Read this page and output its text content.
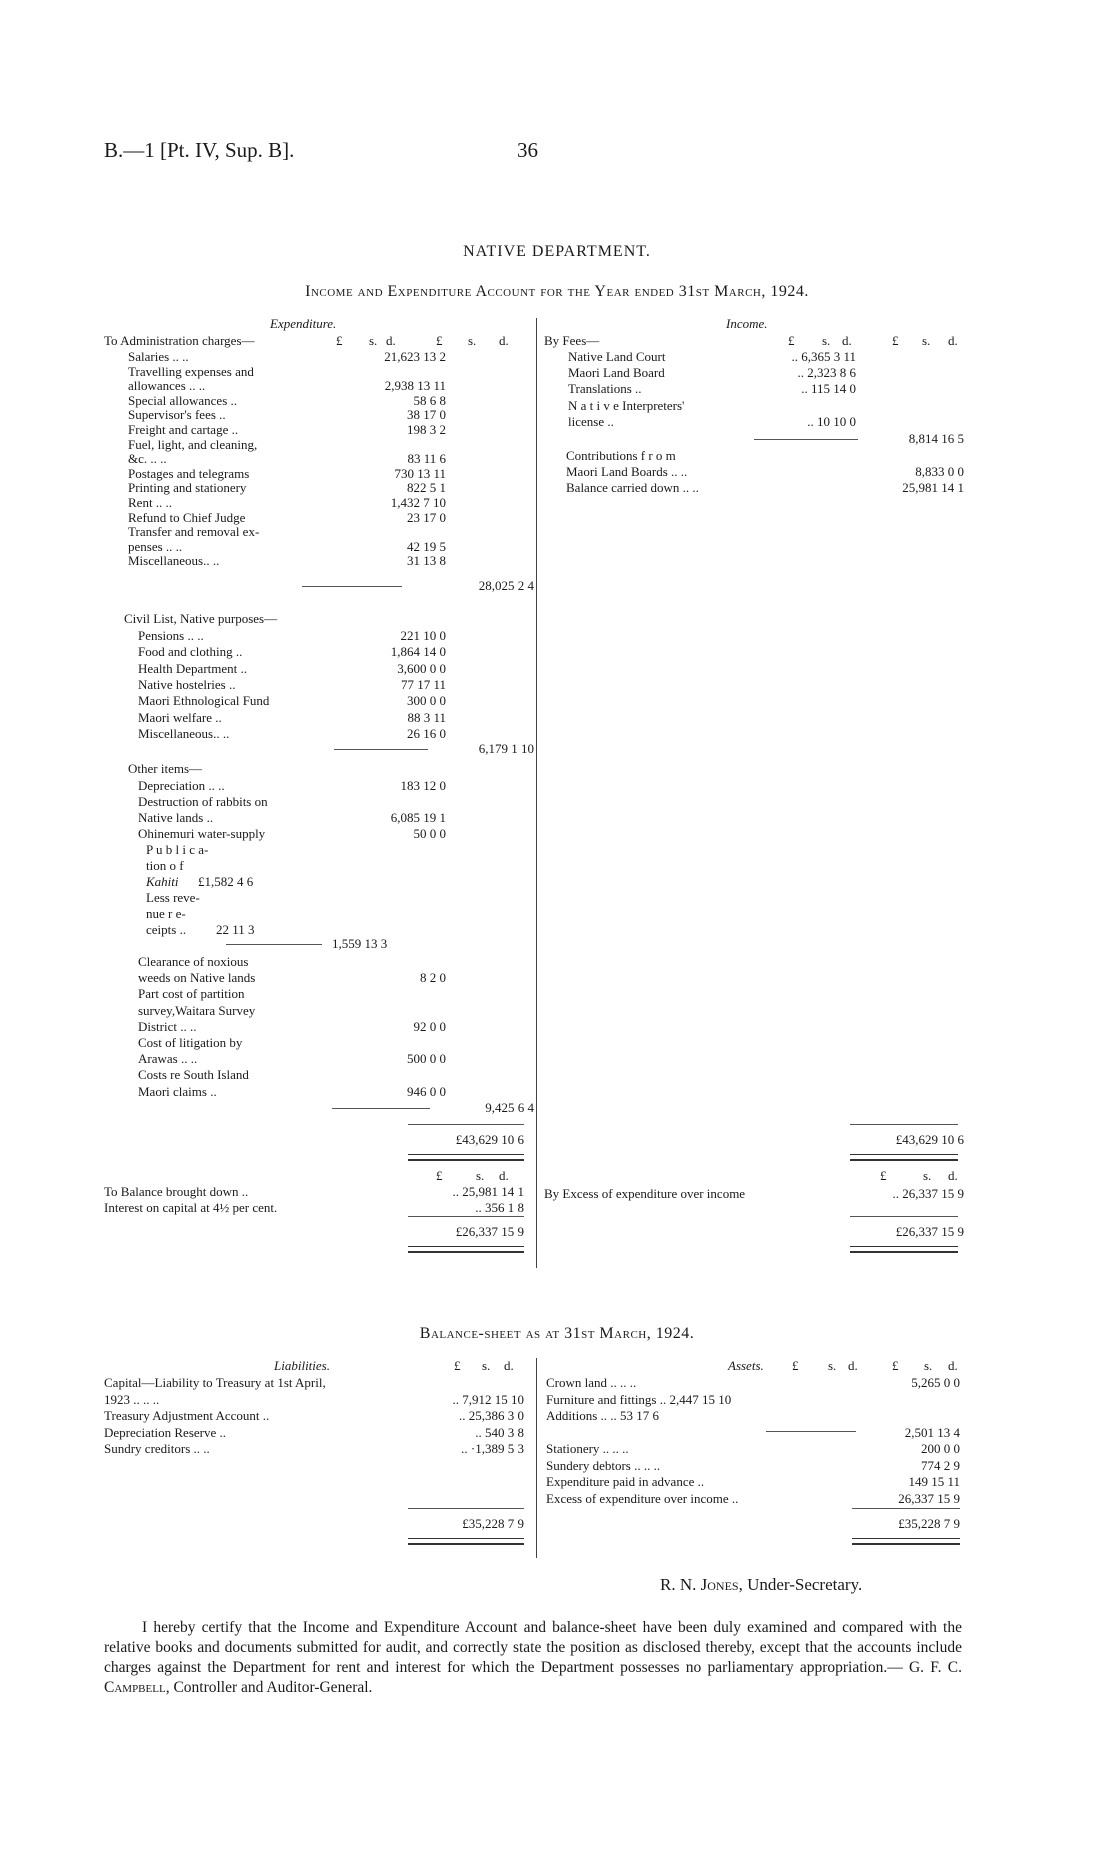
B.—1 [Pt. IV, Sup. B].	36
NATIVE DEPARTMENT.
Income and Expenditure Account for the Year ended 31st March, 1924.
Expenditure.
To Administration charges—	£ s. d.	£ s. d.
Salaries .. ..	21,623 13 2
Travelling expenses and
allowances .. ..	2,938 13 11
Special allowances ..	58 6 8
Supervisor's fees ..	38 17 0
Freight and cartage ..	198 3 2
Fuel, light, and cleaning,
&c. .. ..	83 11 6
Postages and telegrams	730 13 11
Printing and stationery	822 5 1
Rent .. ..	1,432 7 10
Refund to Chief Judge	23 17 0
Transfer and removal ex-
penses .. ..	42 19 5
Miscellaneous.. ..	31 13 8
28,025 2 4
Civil List, Native purposes—
Pensions .. ..	221 10 0
Food and clothing ..	1,864 14 0
Health Department ..	3,600 0 0
Native hostelries ..	77 17 11
Maori Ethnological Fund	300 0 0
Maori welfare ..	88 3 11
Miscellaneous.. ..	26 16 0
6,179 1 10
Other items—
Depreciation .. ..	183 12 0
Destruction of rabbits on
Native lands ..	6,085 19 1
Ohinemuri water-supply	50 0 0
P u b l i c a-
tion o f
Kahiti £1,582 4 6
Less reve-
nue r e-
ceipts .. 22 11 3
1,559 13 3
Clearance of noxious
weeds on Native lands	8 2 0
Part cost of partition
survey,Waitara Survey
District .. ..	92 0 0
Cost of litigation by
Arawas .. ..	500 0 0
Costs re South Island
Maori claims ..	946 0 0
9,425 6 4
£43,629 10 6
£	s. d.
To Balance brought down ..	.. 25,981 14 1
Interest on capital at 4½ per cent.	.. 356 1 8
£26,337 15 9
Income.
By Fees—	£ s. d.	£ s. d.
Native Land Court	.. 6,365 3 11
Maori Land Board	.. 2,323 8 6
Translations ..	.. 115 14 0
N a t i v e Interpreters'
license ..	.. 10 10 0
8,814 16 5
Contributions f r o m
Maori Land Boards .. ..	8,833 0 0
Balance carried down .. ..	25,981 14 1
£43,629 10 6
£	s. d.
By Excess of expenditure over income	.. 26,337 15 9
£26,337 15 9
Balance-sheet as at 31st March, 1924.
Liabilities.	£ s. d.
Capital—Liability to Treasury at 1st April,
1923 .. .. ..	.. 7,912 15 10
Treasury Adjustment Account ..	.. 25,386 3 0
Depreciation Reserve ..	.. 540 3 8
Sundry creditors .. ..	.. ·1,389 5 3
£35,228 7 9
Assets. £ s. d.	£ s. d.
Crown land .. .. ..	5,265 0 0
Furniture and fittings .. 2,447 15 10
Additions .. .. 53 17 6
2,501 13 4
Stationery .. .. ..	200 0 0
Sundery debtors .. .. ..	774 2 9
Expenditure paid in advance ..	149 15 11
Excess of expenditure over income ..	26,337 15 9
£35,228 7 9
R. N. Jones, Under-Secretary.
I hereby certify that the Income and Expenditure Account and balance-sheet have been duly examined and compared with the relative books and documents submitted for audit, and correctly state the position as disclosed thereby, except that the accounts include charges against the Department for rent and interest for which the Department possesses no parliamentary appropriation.— G. F. C. Campbell, Controller and Auditor-General.
